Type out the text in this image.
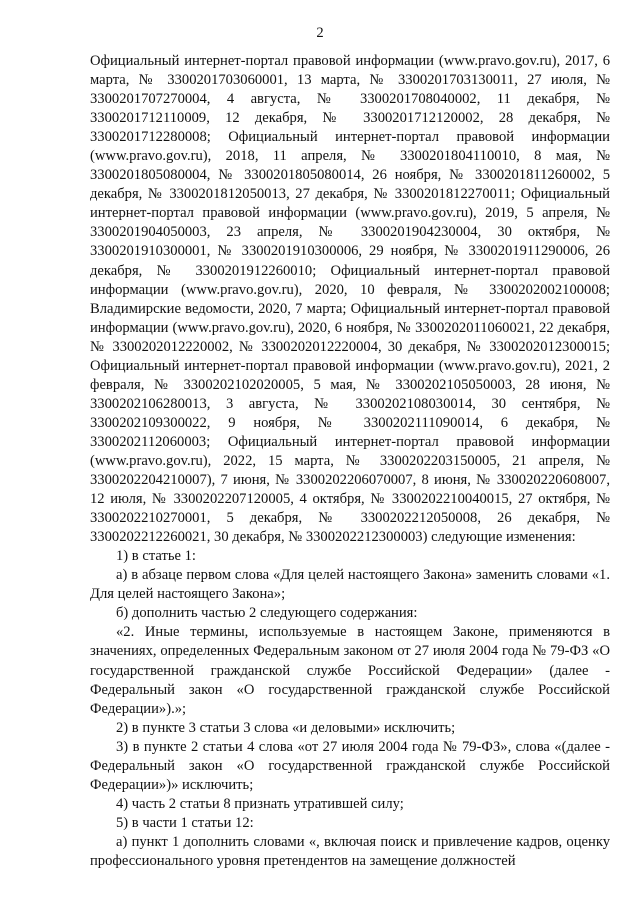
2

Официальный интернет-портал правовой информации (www.pravo.gov.ru), 2017, 6 марта, № 3300201703060001, 13 марта, № 3300201703130011, 27 июля, № 3300201707270004, 4 августа, № 3300201708040002, 11 декабря, № 3300201712110009, 12 декабря, № 3300201712120002, 28 декабря, № 3300201712280008; Официальный интернет-портал правовой информации (www.pravo.gov.ru), 2018, 11 апреля, № 3300201804110010, 8 мая, № 3300201805080004, № 3300201805080014, 26 ноября, № 3300201811260002, 5 декабря, № 3300201812050013, 27 декабря, № 3300201812270011; Официальный интернет-портал правовой информации (www.pravo.gov.ru), 2019, 5 апреля, № 3300201904050003, 23 апреля, № 3300201904230004, 30 октября, № 3300201910300001, № 3300201910300006, 29 ноября, № 3300201911290006, 26 декабря, № 3300201912260010; Официальный интернет-портал правовой информации (www.pravo.gov.ru), 2020, 10 февраля, № 3300202002100008; Владимирские ведомости, 2020, 7 марта; Официальный интернет-портал правовой информации (www.pravo.gov.ru), 2020, 6 ноября, № 3300202011060021, 22 декабря, № 3300202012220002, № 3300202012220004, 30 декабря, № 3300202012300015; Официальный интернет-портал правовой информации (www.pravo.gov.ru), 2021, 2 февраля, № 3300202102020005, 5 мая, № 3300202105050003, 28 июня, № 3300202106280013, 3 августа, № 3300202108030014, 30 сентября, № 3300202109300022, 9 ноября, № 3300202111090014, 6 декабря, № 3300202112060003; Официальный интернет-портал правовой информации (www.pravo.gov.ru), 2022, 15 марта, № 3300202203150005, 21 апреля, № 3300202204210007), 7 июня, № 3300202206070007, 8 июня, № 330020220608007, 12 июля, № 3300202207120005, 4 октября, № 3300202210040015, 27 октября, № 3300202210270001, 5 декабря, № 3300202212050008, 26 декабря, № 3300202212260021, 30 декабря, № 3300202212300003) следующие изменения:

1) в статье 1:

а) в абзаце первом слова «Для целей настоящего Закона» заменить словами «1. Для целей настоящего Закона»;

б) дополнить частью 2 следующего содержания:

«2. Иные термины, используемые в настоящем Законе, применяются в значениях, определенных Федеральным законом от 27 июля 2004 года № 79-ФЗ «О государственной гражданской службе Российской Федерации» (далее - Федеральный закон «О государственной гражданской службе Российской Федерации»).»;

2) в пункте 3 статьи 3 слова «и деловыми» исключить;

3) в пункте 2 статьи 4 слова «от 27 июля 2004 года № 79-ФЗ», слова «(далее - Федеральный закон «О государственной гражданской службе Российской Федерации»)» исключить;

4) часть 2 статьи 8 признать утратившей силу;

5) в части 1 статьи 12:

а) пункт 1 дополнить словами «, включая поиск и привлечение кадров, оценку профессионального уровня претендентов на замещение должностей
